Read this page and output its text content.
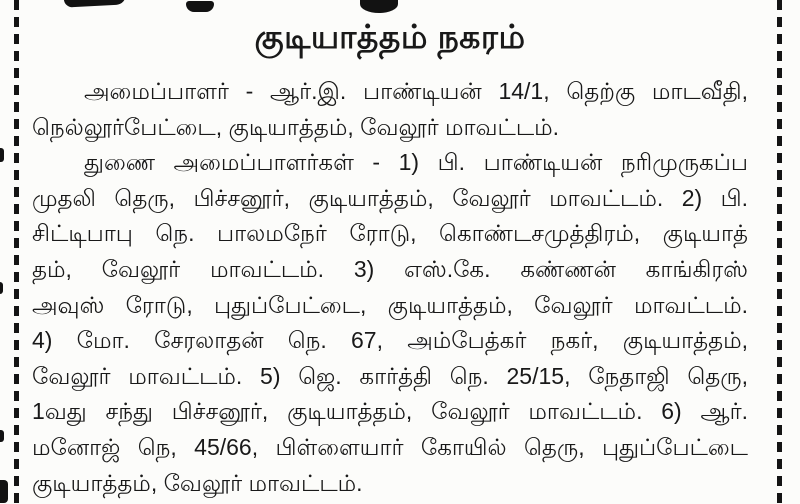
குடியாத்தம் நகரம்

அமைப்பாளர் - ஆர்.இ. பாண்டியன் 14/1, தெற்கு மாடவீதி,

நெல்லூர்பேட்டை, குடியாத்தம், வேலூர் மாவட்டம்.

துணை அமைப்பாளர்கள் - 1) பி. பாண்டியன் நரிமுருகப்ப

முதலி தெரு, பிச்சனூர், குடியாத்தம், வேலூர் மாவட்டம். 2) பி.

சிட்டிபாபு நெ. பாலமநேர் ரோடு, கொண்டசமுத்திரம், குடியாத்

தம், வேலூர் மாவட்டம். 3) எஸ்.கே. கண்ணன் காங்கிரஸ்

அவுஸ் ரோடு, புதுப்பேட்டை, குடியாத்தம், வேலூர் மாவட்டம்.

4) மோ. சேரலாதன் நெ. 67, அம்பேத்கர் நகர், குடியாத்தம்,

வேலூர் மாவட்டம். 5) ஜெ. கார்த்தி நெ. 25/15, நேதாஜி தெரு,

1வது சந்து பிச்சனூர், குடியாத்தம், வேலூர் மாவட்டம். 6) ஆர்.

மனோஜ் நெ, 45/66, பிள்ளையார் கோயில் தெரு, புதுப்பேட்டை

குடியாத்தம், வேலூர் மாவட்டம்.
